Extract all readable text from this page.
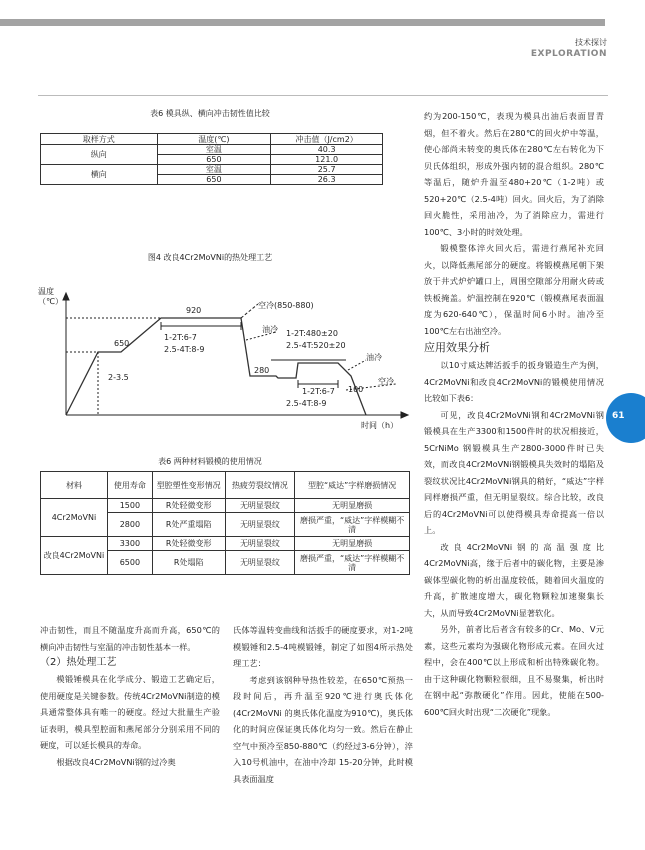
技术探讨
EXPLORATION
表6 模具纵、横向冲击韧性值比较
取样方式	温度(℃)	冲击值（J/cm2）
纵向	室温	40.3
	650	121.0
横向	室温	25.7
	650	26.3
图4 改良4Cr2MoVNi的热处理工艺
温度
（℃）
时间（h）
650
920
280
100
2-3.5
空冷(850-880)
油冷
油冷
空冷
1-2T:6-7
2.5-4T:8-9
1-2T:480±20
2.5-4T:520±20
1-2T:6-7
2.5-4T:8-9
表6 两种材料锻模的使用情况
材料	使用寿命	型腔塑性变形情况	热疲劳裂纹情况	型腔“威达”字样磨损情况
4Cr2MoVNi	1500	R处轻微变形	无明显裂纹	无明显磨损
	2800	R处严重塌陷	无明显裂纹	磨损严重，“威达”字样模糊不清
改良4Cr2MoVNi	3300	R处轻微变形	无明显裂纹	无明显磨损
	6500	R处塌陷	无明显裂纹	磨损严重，“威达”字样模糊不清

冲击韧性，而且不随温度升高而升高，650℃的横向冲击韧性与室温的冲击韧性基本一样。

（2）热处理工艺

模锻锤模具在化学成分、锻造工艺确定后，使用硬度是关键参数。传统4Cr2MoVNi制造的模具通常整体具有唯一的硬度。经过大批量生产验证表明，模具型腔面和燕尾部分分别采用不同的硬度，可以延长模具的寿命。

根据改良4Cr2MoVNi钢的过冷奥

氏体等温转变曲线和活扳手的硬度要求，对1-2吨模锻锤和2.5-4吨模锻锤，制定了如图4所示热处理工艺：

考虑到该钢种导热性较差，在650℃预热一段时间后，再升温至920℃进行奥氏体化(4Cr2MoVNi 的奥氏体化温度为910℃)，奥氏体化的时间应保证奥氏体化均匀一致。然后在静止空气中预冷至850-880℃（约经过3-6分钟），淬入10号机油中，在油中冷却 15-20分钟，此时模具表面温度

约为200-150℃，表现为模具出油后表面冒青烟，但不着火。然后在280℃的回火炉中等温，使心部尚未转变的奥氏体在280℃左右转化为下贝氏体组织，形成外强内韧的混合组织。280℃等温后，随炉升温至480+20℃（1-2吨）或520+20℃（2.5-4吨）回火。回火后，为了消除回火脆性，采用油冷，为了消除应力，需进行100℃、3小时的时效处理。

锻模整体淬火回火后，需进行燕尾补充回火，以降低燕尾部分的硬度。将锻模燕尾朝下架放于井式炉炉罐口上，周围空隙部分用耐火砖或铁板掩盖。炉温控制在920℃（锻模燕尾表面温度为620-640℃），保温时间6小时。油冷至100℃左右出油空冷。

应用效果分析

以10寸威达牌活扳手的扳身锻造生产为例，4Cr2MoVNi和改良4Cr2MoVNi的锻模使用情况比较如下表6：

可见，改良4Cr2MoVNi钢和4Cr2MoVNi钢锻模具在生产3300和1500件时的状况相接近，5CrNiMo 钢锻模具生产2800-3000件时已失效，而改良4Cr2MoVNi钢锻模具失效时的塌陷及裂纹状况比4Cr2MoVNi钢具的稍好，“威达”字样同样磨损严重，但无明显裂纹。综合比较，改良后的4Cr2MoVNi可以使得模具寿命提高一倍以上。

改良4Cr2MoVNi钢的高温强度比4Cr2MoVNi高，缘于后者中的碳化物，主要是渗碳体型碳化物的析出温度较低，随着回火温度的升高，扩散速度增大，碳化物颗粒加速聚集长大，从而导致4Cr2MoVNi显著软化。

另外，前者比后者含有较多的Cr、Mo、V元素，这些元素均为强碳化物形成元素。在回火过程中，会在400℃以上形成和析出特殊碳化物。由于这种碳化物颗粒很细，且不易聚集，析出时在钢中起“弥散硬化”作用。因此，使能在500-600℃回火时出现“二次硬化”现象。

61
